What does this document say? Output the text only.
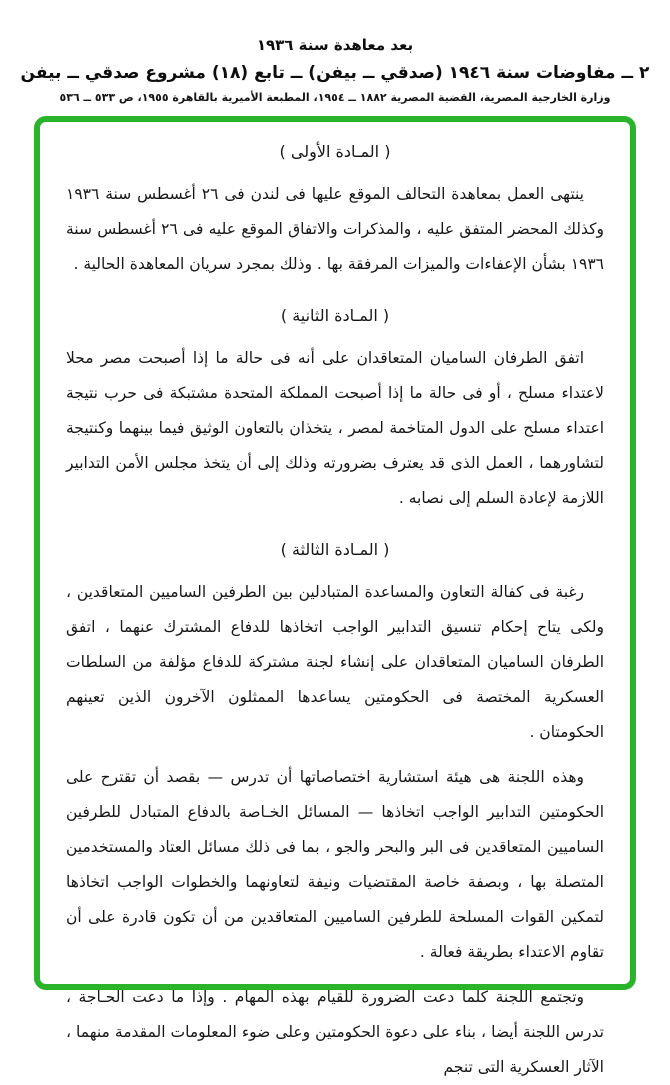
بعد معاهدة سنة ١٩٣٦
٢ ــ مفاوضات سنة ١٩٤٦ (صدقي ــ بيفن) ــ تابع (١٨) مشروع صدقي ــ بيفن
وزارة الخارجية المصرية، القضية المصرية ١٨٨٢ ــ ١٩٥٤، المطبعة الأميرية بالقاهرة ١٩٥٥، ص ٥٣٣ ــ ٥٣٦
( المـادة الأولى )

ينتهى العمل بمعاهدة التحالف الموقع عليها فى لندن فى ٢٦ أغسطس سنة ١٩٣٦ وكذلك المحضر المتفق عليه ، والمذكرات والاتفاق الموقع عليه فى ٢٦ أغسطس سنة ١٩٣٦ بشأن الإعفاءات والميزات المرفقة بها . وذلك بمجرد سريان المعاهدة الحالية .

( المـادة الثانية )

اتفق الطرفان الساميان المتعاقدان على أنه فى حالة ما إذا أصبحت مصر محلا لاعتداء مسلح ، أو فى حالة ما إذا أصبحت المملكة المتحدة مشتبكة فى حرب نتيجة اعتداء مسلح على الدول المتاخمة لمصر ، يتخذان بالتعاون الوثيق فيما بينهما وكنتيجة لتشاورهما ، العمل الذى قد يعترف بضرورته وذلك إلى أن يتخذ مجلس الأمن التدابير اللازمة لإعادة السلم إلى نصابه .

( المـادة الثالثة )

رغبة فى كفالة التعاون والمساعدة المتبادلين بين الطرفين الساميين المتعاقدين ، ولكى يتاح إحكام تنسيق التدابير الواجب اتخاذها للدفاع المشترك عنهما ، اتفق الطرفان الساميان المتعاقدان على إنشاء لجنة مشتركة للدفاع مؤلفة من السلطات العسكرية المختصة فى الحكومتين يساعدها الممثلون الآخرون الذين تعينهم الحكومتان .

وهذه اللجنة هى هيئة استشارية اختصاصاتها أن تدرس — بقصد أن تقترح على الحكومتين التدابير الواجب اتخاذها — المسائل الخـاصة بالدفاع المتبادل للطرفين الساميين المتعاقدين فى البر والبحر والجو ، بما فى ذلك مسائل العتاد والمستخدمين المتصلة بها ، وبصفة خاصة المقتضيات ونيفة لتعاونهما والخطوات الواجب اتخاذها لتمكين القوات المسلحة للطرفين الساميين المتعاقدين من أن تكون قادرة على أن تقاوم الاعتداء بطريقة فعالة .

وتجتمع اللجنة كلما دعت الضرورة للقيام بهذه المهام . وإذا ما دعت الحـاجة ، تدرس اللجنة أيضا ، بناء على دعوة الحكومتين وعلى ضوء المعلومات المقدمة منهما ، الآثار العسكرية التى تنجم
